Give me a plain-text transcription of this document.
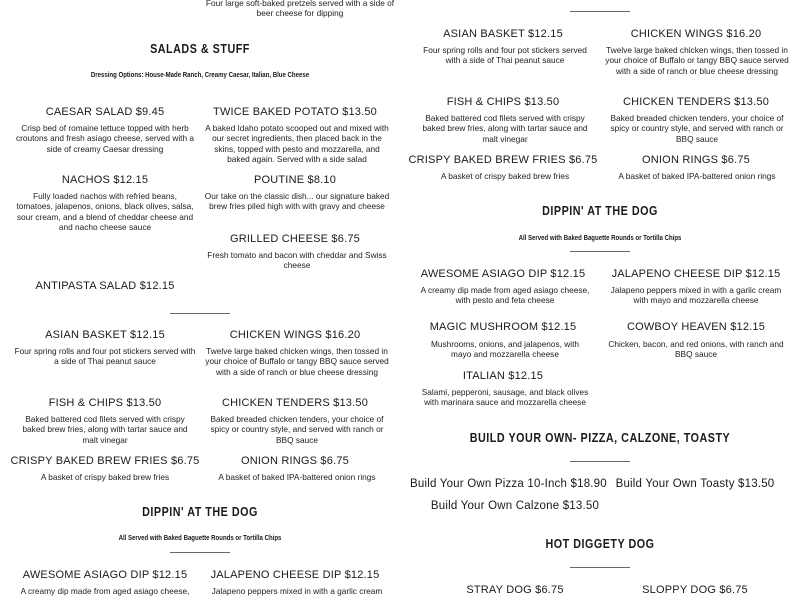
Four large soft-baked pretzels served with a side of beer cheese for dipping
SALADS & STUFF
Dressing Options: House-Made Ranch, Creamy Caesar, Italian, Blue Cheese
CAESAR SALAD $9.45
Crisp bed of romaine lettuce topped with herb croutons and fresh asiago cheese, served with a side of creamy Caesar dressing
TWICE BAKED POTATO $13.50
A baked Idaho potato scooped out and mixed with our secret ingredients, then placed back in the skins, topped with pesto and mozzarella, and baked again. Served with a side salad
NACHOS $12.15
Fully loaded nachos with refried beans, tomatoes, jalapenos, onions, black olives, salsa, sour cream, and a blend of cheddar cheese and and nacho cheese sauce
POUTINE $8.10
Our take on the classic dish... our signature baked brew fries piled high with with gravy and cheese
GRILLED CHEESE $6.75
Fresh tomato and bacon with cheddar and Swiss cheese
ANTIPASTA SALAD $12.15
ASIAN BASKET $12.15
Four spring rolls and four pot stickers served with a side of Thai peanut sauce
CHICKEN WINGS $16.20
Twelve large baked chicken wings, then tossed in your choice of Buffalo or tangy BBQ sauce served with a side of ranch or blue cheese dressing
FISH & CHIPS $13.50
Baked battered cod filets served with crispy baked brew fries, along with tartar sauce and malt vinegar
CHICKEN TENDERS $13.50
Baked breaded chicken tenders, your choice of spicy or country style, and served with ranch or BBQ sauce
CRISPY BAKED BREW FRIES $6.75
A basket of crispy baked brew fries
ONION RINGS $6.75
A basket of baked IPA-battered onion rings
DIPPIN' AT THE DOG
All Served with Baked Baguette Rounds or Tortilla Chips
AWESOME ASIAGO DIP $12.15
A creamy dip made from aged asiago cheese,
JALAPENO CHEESE DIP $12.15
Jalapeno peppers mixed in with a garlic cream
ASIAN BASKET $12.15
Four spring rolls and four pot stickers served with a side of Thai peanut sauce
CHICKEN WINGS $16.20
Twelve large baked chicken wings, then tossed in your choice of Buffalo or tangy BBQ sauce served with a side of ranch or blue cheese dressing
FISH & CHIPS $13.50
Baked battered cod filets served with crispy baked brew fries, along with tartar sauce and malt vinegar
CHICKEN TENDERS $13.50
Baked breaded chicken tenders, your choice of spicy or country style, and served with ranch or BBQ sauce
CRISPY BAKED BREW FRIES $6.75
A basket of crispy baked brew fries
ONION RINGS $6.75
A basket of baked IPA-battered onion rings
DIPPIN' AT THE DOG
All Served with Baked Baguette Rounds or Tortilla Chips
AWESOME ASIAGO DIP $12.15
A creamy dip made from aged asiago cheese, with pesto and feta cheese
JALAPENO CHEESE DIP $12.15
Jalapeno peppers mixed in with a garlic cream with mayo and mozzarella cheese
MAGIC MUSHROOM $12.15
Mushrooms, onions, and jalapenos, with mayo and mozzarella cheese
COWBOY HEAVEN $12.15
Chicken, bacon, and red onions, with ranch and BBQ sauce
ITALIAN $12.15
Salami, pepperoni, sausage, and black olives with marinara sauce and mozzarella cheese
BUILD YOUR OWN- PIZZA, CALZONE, TOASTY
Build Your Own Pizza 10-Inch $18.90 Build Your Own Toasty $13.50
Build Your Own Calzone $13.50
HOT DIGGETY DOG
STRAY DOG $6.75	SLOPPY DOG $6.75
